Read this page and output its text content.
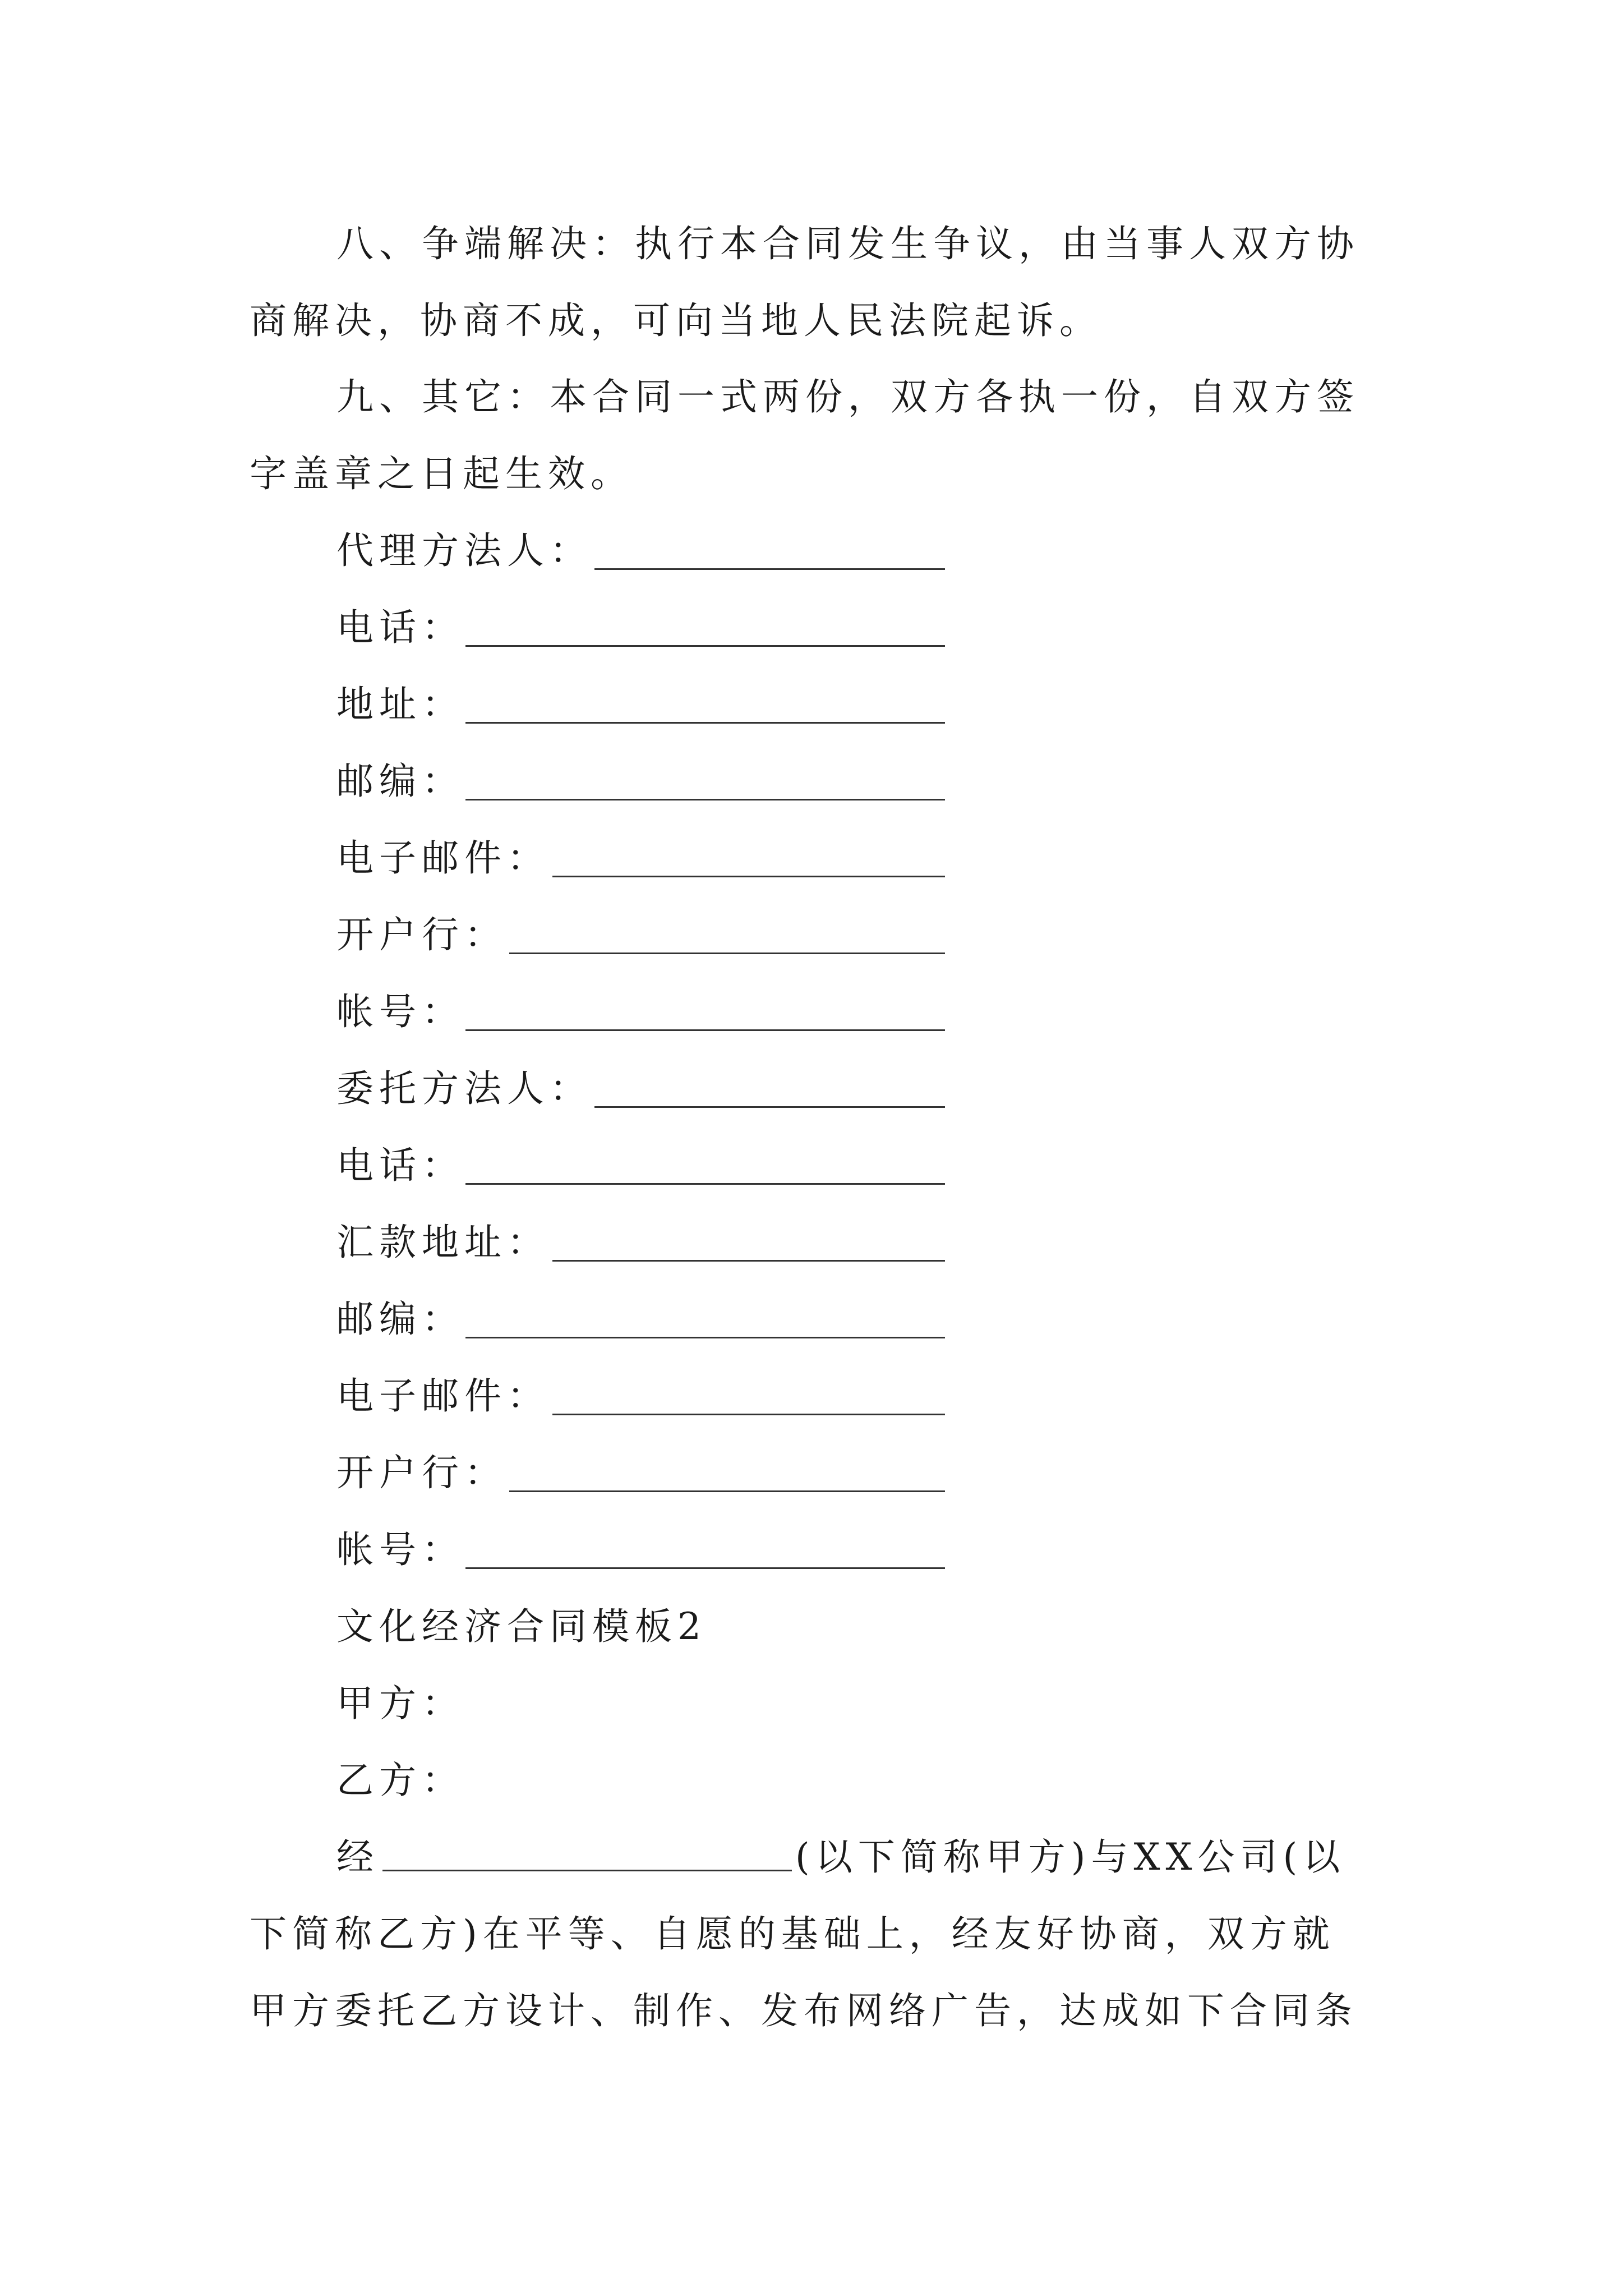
八、争端解决：执行本合同发生争议，由当事人双方协
商解决，协商不成，可向当地人民法院起诉。
九、其它：本合同一式两份，双方各执一份，自双方签
字盖章之日起生效。
代理方法人：
电话：
地址：
邮编：
电子邮件：
开户行：
帐号：
委托方法人：
电话：
汇款地址：
邮编：
电子邮件：
开户行：
帐号：
文化经济合同模板2
甲方：
乙方：
经	(以下简称甲方)与XX公司(以
下简称乙方)在平等、自愿的基础上，经友好协商，双方就
甲方委托乙方设计、制作、发布网络广告，达成如下合同条
